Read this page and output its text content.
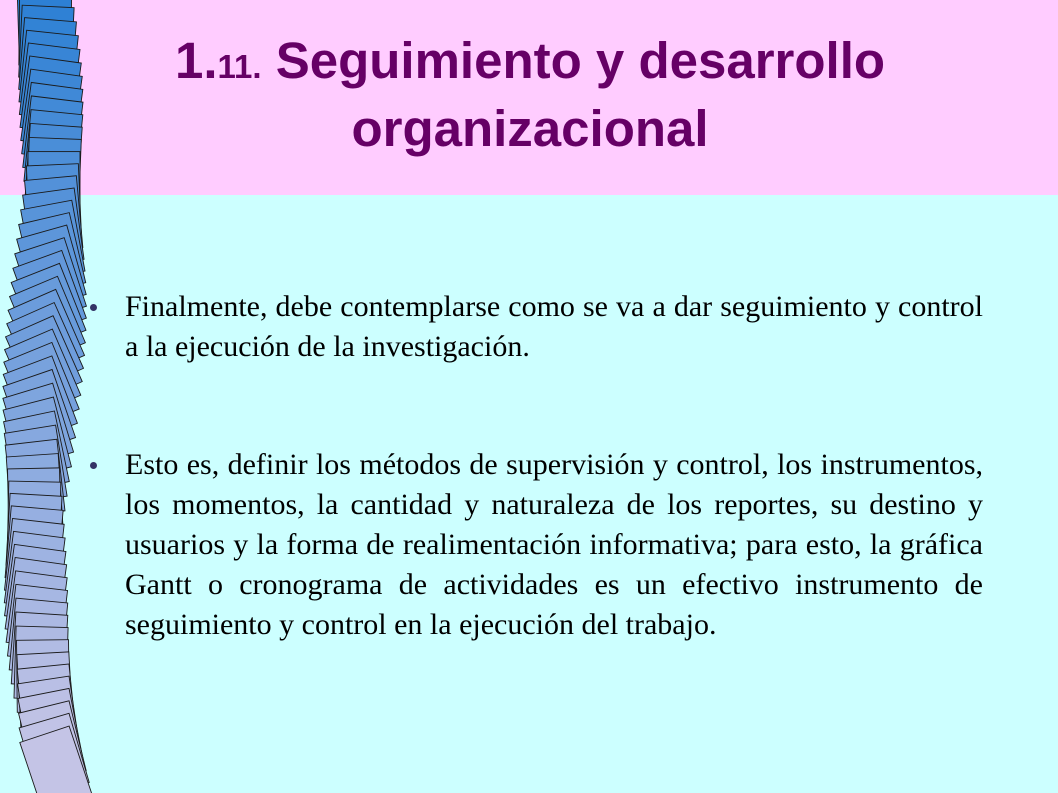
1.11. Seguimiento y desarrollo
organizacional
Finalmente, debe contemplarse como se va a dar seguimiento y control a la ejecución de la investigación.
Esto es, definir los métodos de supervisión y control, los instrumentos, los momentos, la cantidad y naturaleza de los reportes, su destino y usuarios y la forma de realimentación informativa; para esto, la gráfica Gantt o cronograma de actividades es un efectivo instrumento de seguimiento y control en la ejecución del trabajo.
